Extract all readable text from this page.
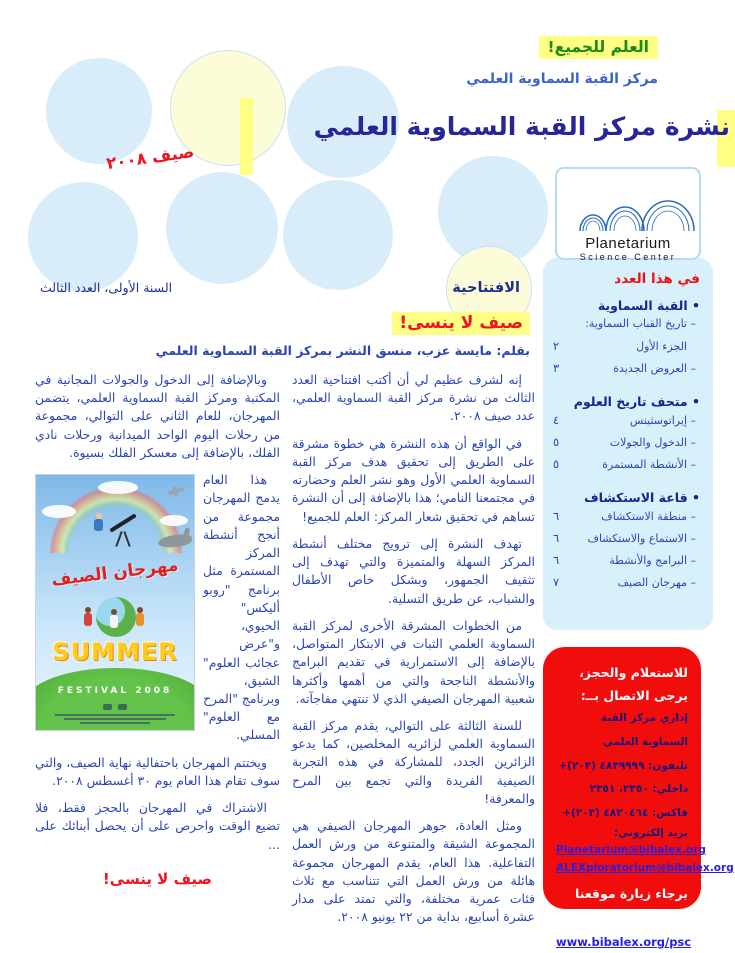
العلم للجميع!
مركز القبة السماوية العلمي
نشرة مركز القبة السماوية العلمي
صيف ٢٠٠٨
Planetarium
Science Center
السنة الأولى، العدد الثالث	الافتتاحية
صيف لا ينسى!
بقلم: مايسة عزب، منسق النشر بمركز القبة السماوية العلمي

إنه لشرف عظيم لي أن أكتب افتتاحية العدد الثالث من نشرة مركز القبة السماوية العلمي، عدد صيف ٢٠٠٨.

في الواقع أن هذه النشرة هي خطوة مشرقة على الطريق إلى تحقيق هدف مركز القبة السماوية العلمي الأول وهو نشر العلم وحضارته في مجتمعنا النامي؛ هذا بالإضافة إلى أن النشرة تساهم في تحقيق شعار المركز: العلم للجميع!

تهدف النشرة إلى ترويج مختلف أنشطة المركز السهلة والمتميزة والتي تهدف إلى تثقيف الجمهور، وبشكل خاص الأطفال والشباب، عن طريق التسلية.

من الخطوات المشرقة الأخرى لمركز القبة السماوية العلمي الثبات في الابتكار المتواصل، بالإضافة إلى الاستمرارية في تقديم البرامج والأنشطة الناجحة والتي من أهمها وأكثرها شعبية المهرجان الصيفي الذي لا تنتهي مفاجآته.

للسنة الثالثة على التوالي، يقدم مركز القبة السماوية العلمي لزائريه المخلصين، كما يدعو الزائرين الجدد، للمشاركة في هذه التجربة الصيفية الفريدة والتي تجمع بين المرح والمعرفة!

ومثل العادة، جوهر المهرجان الصيفي هي المجموعة الشيقة والمتنوعة من ورش العمل التفاعلية. هذا العام، يقدم المهرجان مجموعة هائلة من ورش العمل التي تتناسب مع ثلاث فئات عمرية مختلفة، والتي تمتد على مدار عشرة أسابيع، بداية من ٢٢ يونيو ٢٠٠٨.

وبالإضافة إلى الدخول والجولات المجانية في المكتبة ومركز القبة السماوية العلمي، يتضمن المهرجان، للعام الثاني على التوالي، مجموعة من رحلات اليوم الواحد الميدانية ورحلات نادي الفلك، بالإضافة إلى معسكر الفلك بسيوة.

مهرجان الصيف
SUMMER
FESTIVAL 2008

هذا العام يدمج المهرجان مجموعة من أنجح أنشطة المركز المستمرة مثل برنامج "روبو أليكس" الحيوي، و"عرض عجائب العلوم" الشيق، وبرنامج "المرح مع العلوم" المسلي.

ويختتم المهرجان باحتفالية نهاية الصيف، والتي سوف تقام هذا العام يوم ٣٠ أغسطس ٢٠٠٨.

الاشتراك في المهرجان بالحجز فقط، فلا تضيع الوقت واحرص على أن يحصل أبنائك على ...

صيف لا ينسى!
في هذا العدد
• القبة السماوية
– تاريخ القباب السماوية:
الجزء الأول
٢
– العروض الجديدة
٣
• متحف تاريخ العلوم
– إيراتوسثينس
٤
– الدخول والجولات
٥
– الأنشطة المستمرة
٥
• قاعة الاستكشاف
– منطقة الاستكشاف
٦
– الاستماع والاستكشاف
٦
– البرامج والأنشطة
٦
– مهرجان الصيف
٧
للاستعلام والحجز،
يرجى الاتصال بــ:
إداري مركز القبة السماوية العلمي
تليفون: ٤٨٣٩٩٩٩ (٢٠٣)+
داخلي: ٢٣٥٠، ٢٣٥١
فاكس: ٤٨٢٠٤٦٤ (٢٠٣)+
بريد إلكتروني:
Planetarium@bibalex.org
ALEXploratorium@bibalex.org
برجاء زيارة موقعنا الإلكتروني
www.bibalex.org/psc
